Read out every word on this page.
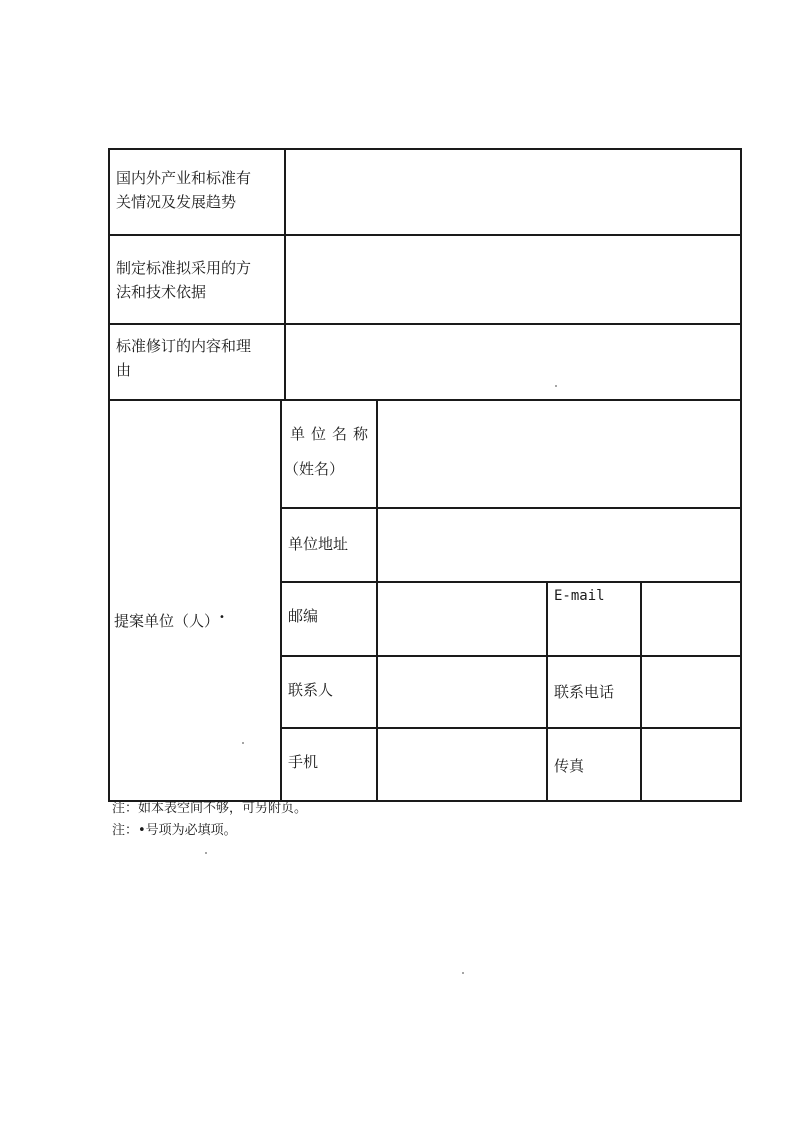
国内外产业和标准有
关情况及发展趋势
制定标准拟采用的方
法和技术依据
标准修订的内容和理
由

提案单位（人）•

单位名称
（姓名）
单位地址
邮编
E-mail
联系人	联系电话
手机	传真
注：如本表空间不够，可另附页。
注：•号项为必填项。
